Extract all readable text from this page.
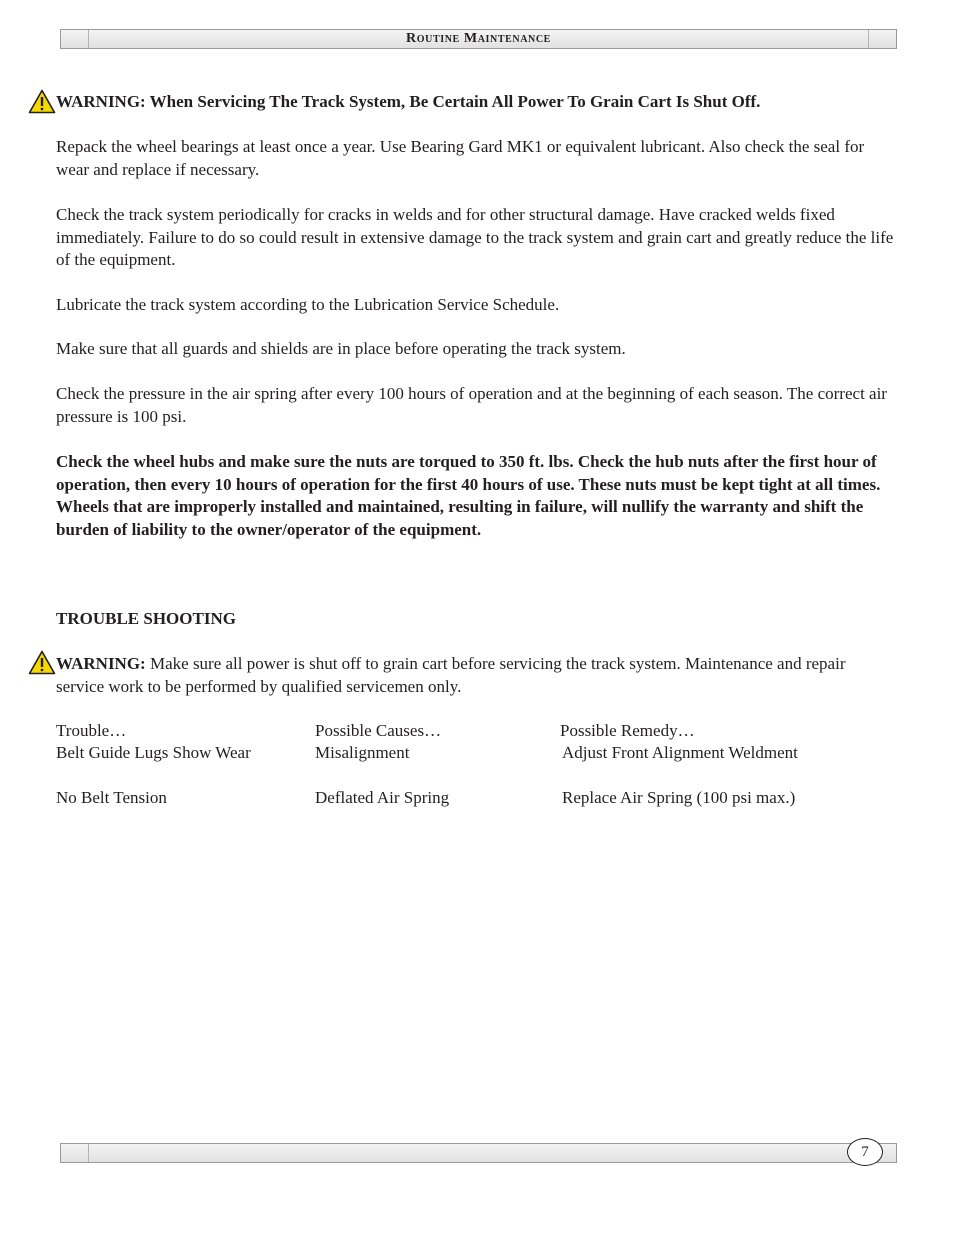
Routine Maintenance

WARNING: When Servicing The Track System, Be Certain All Power To Grain Cart Is Shut Off.

Repack the wheel bearings at least once a year. Use Bearing Gard MK1 or equivalent lubricant. Also check the seal for wear and replace if necessary.

Check the track system periodically for cracks in welds and for other structural damage. Have cracked welds fixed immediately. Failure to do so could result in extensive damage to the track system and grain cart and greatly reduce the life of the equipment.

Lubricate the track system according to the Lubrication Service Schedule.

Make sure that all guards and shields are in place before operating the track system.

Check the pressure in the air spring after every 100 hours of operation and at the beginning of each season. The correct air pressure is 100 psi.

Check the wheel hubs and make sure the nuts are torqued to 350 ft. lbs. Check the hub nuts after the first hour of operation, then every 10 hours of operation for the first 40 hours of use. These nuts must be kept tight at all times. Wheels that are improperly installed and maintained, resulting in failure, will nullify the warranty and shift the burden of liability to the owner/operator of the equipment.

TROUBLE SHOOTING

WARNING: Make sure all power is shut off to grain cart before servicing the track system. Maintenance and repair service work to be performed by qualified servicemen only.

Trouble…	Possible Causes…	Possible Remedy…
Belt Guide Lugs Show Wear	Misalignment	Adjust Front Alignment Weldment
No Belt Tension	Deflated Air Spring	Replace Air Spring (100 psi max.)
7
